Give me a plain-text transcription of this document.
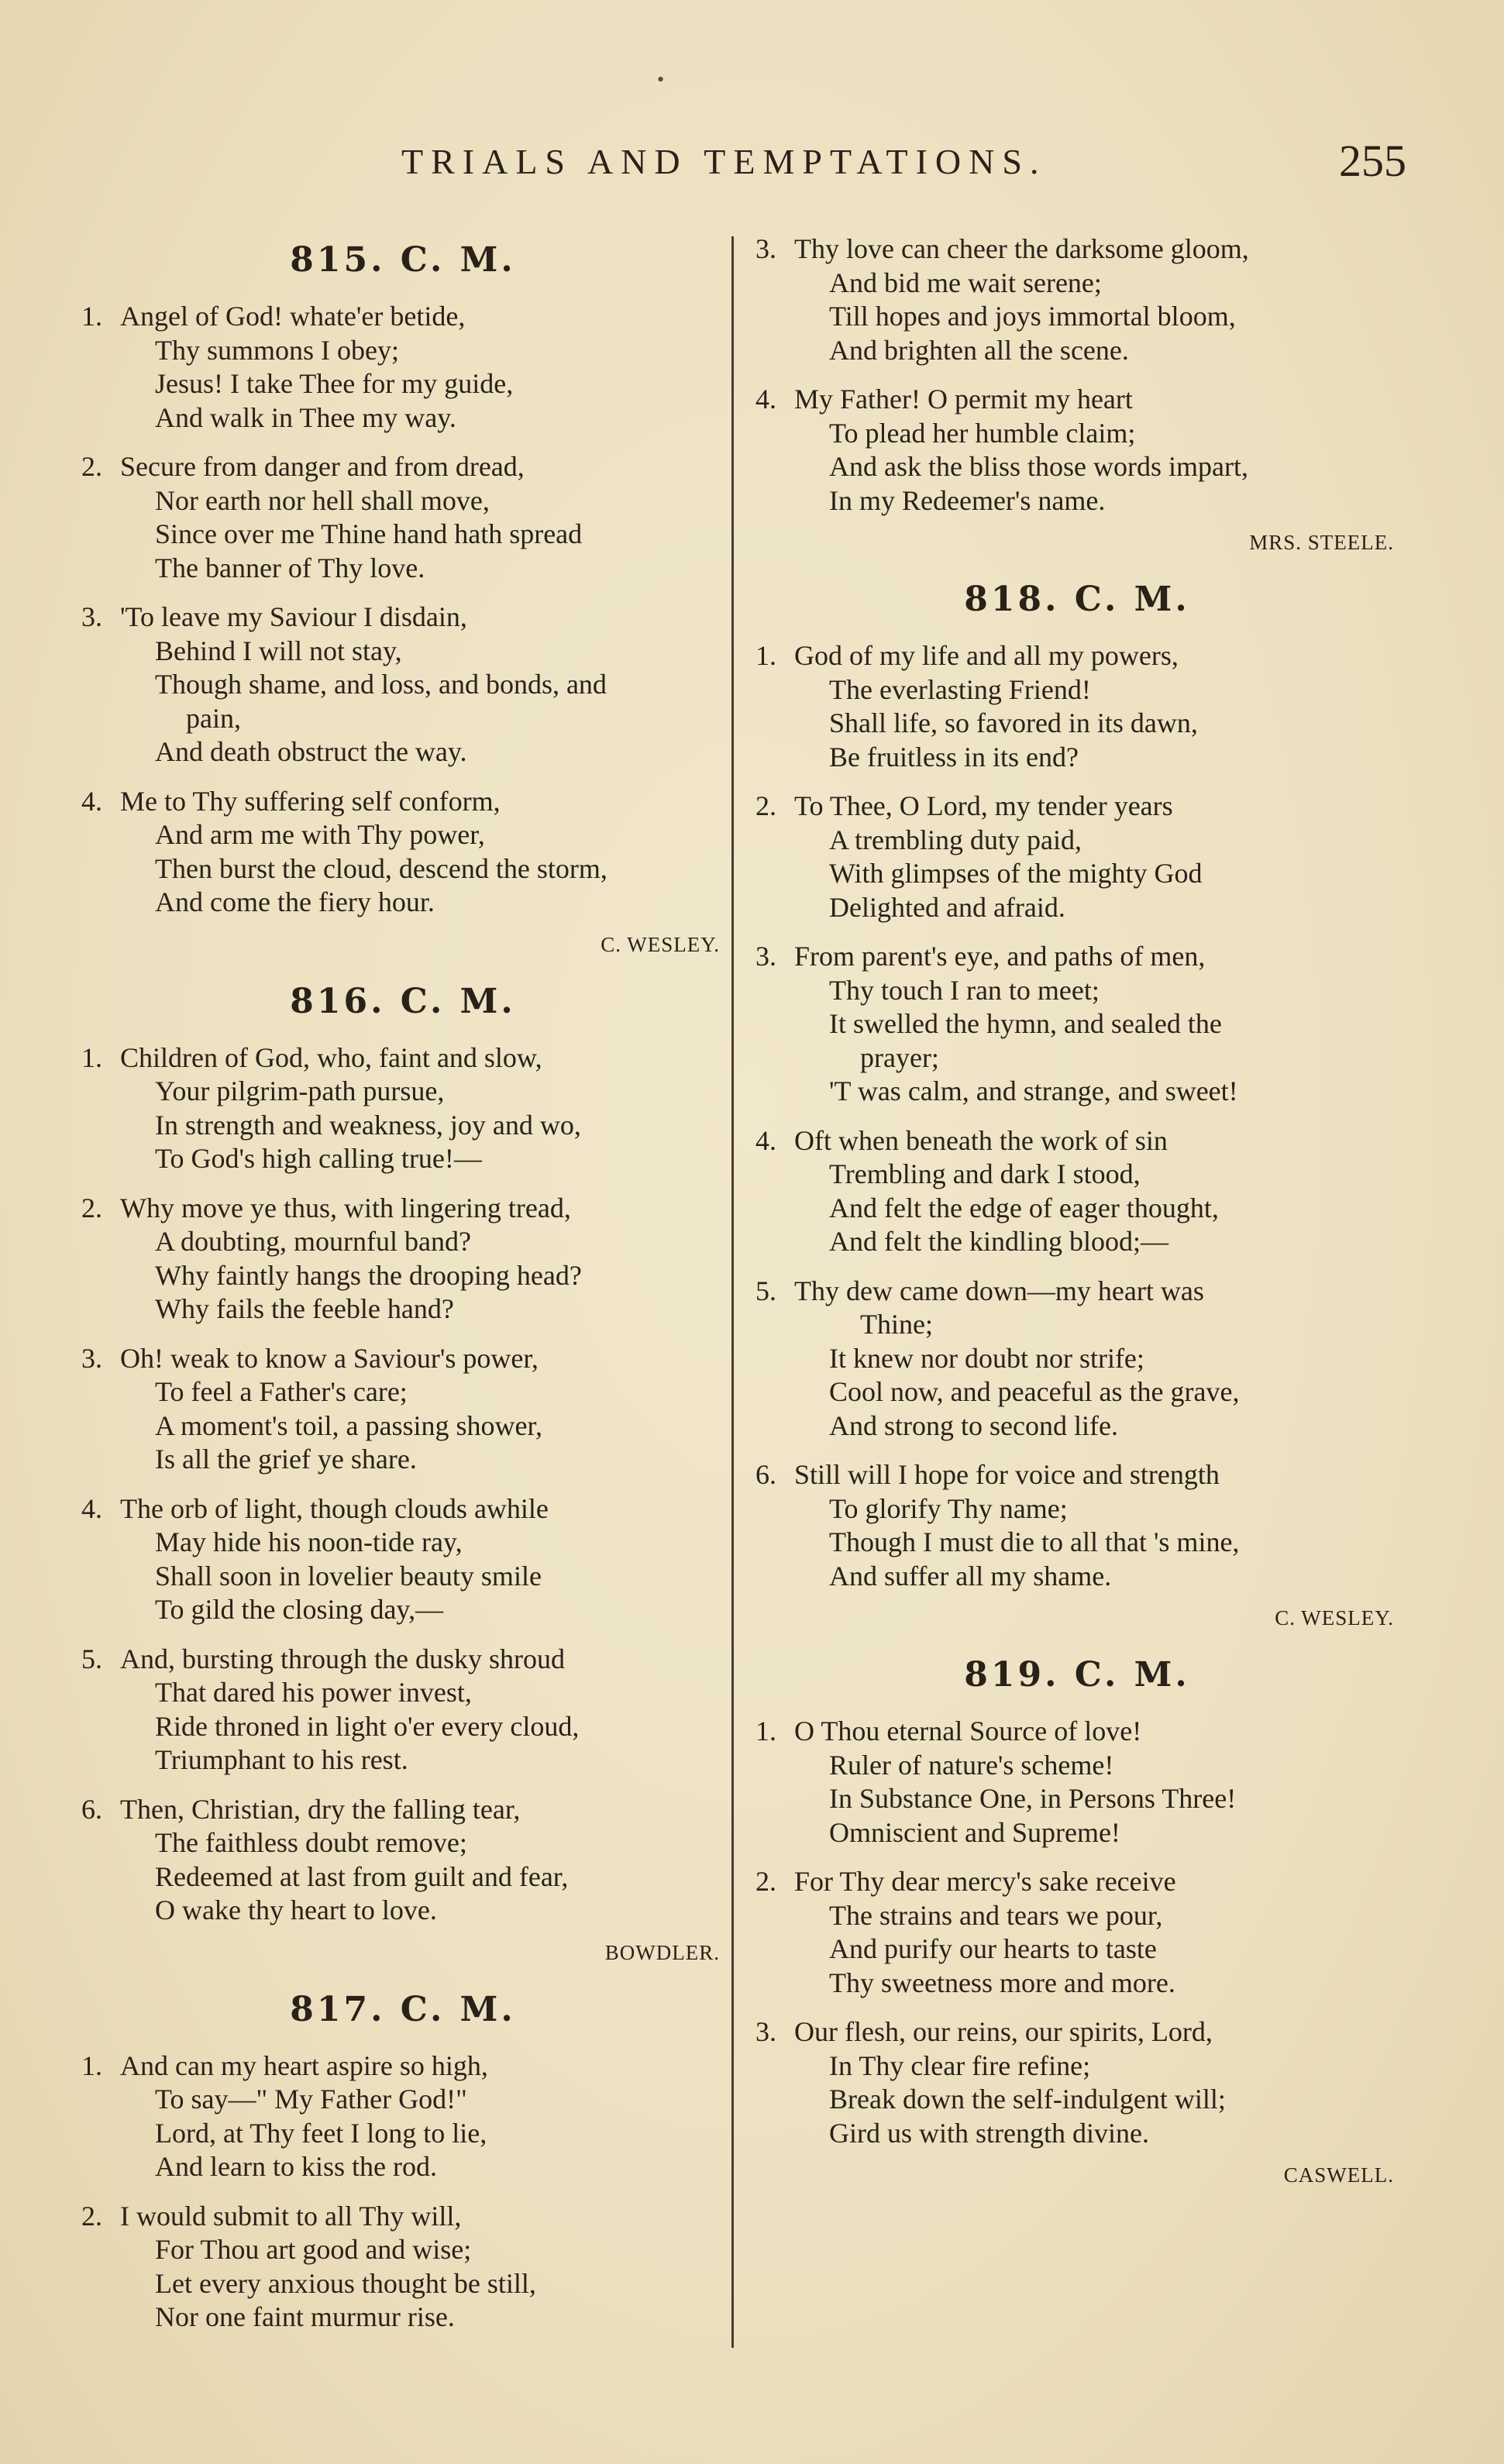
•
TRIALS AND TEMPTATIONS.	255
815. C. M.
1. Angel of God! whate'er betide,
Thy summons I obey;
Jesus! I take Thee for my guide,
And walk in Thee my way.
2. Secure from danger and from dread,
Nor earth nor hell shall move,
Since over me Thine hand hath spread
The banner of Thy love.
3. 'To leave my Saviour I disdain,
Behind I will not stay,
Though shame, and loss, and bonds, and
pain,
And death obstruct the way.
4. Me to Thy suffering self conform,
And arm me with Thy power,
Then burst the cloud, descend the storm,
And come the fiery hour.
C. WESLEY.
816. C. M.
1. Children of God, who, faint and slow,
Your pilgrim-path pursue,
In strength and weakness, joy and wo,
To God's high calling true!—
2. Why move ye thus, with lingering tread,
A doubting, mournful band?
Why faintly hangs the drooping head?
Why fails the feeble hand?
3. Oh! weak to know a Saviour's power,
To feel a Father's care;
A moment's toil, a passing shower,
Is all the grief ye share.
4. The orb of light, though clouds awhile
May hide his noon-tide ray,
Shall soon in lovelier beauty smile
To gild the closing day,—
5. And, bursting through the dusky shroud
That dared his power invest,
Ride throned in light o'er every cloud,
Triumphant to his rest.
6. Then, Christian, dry the falling tear,
The faithless doubt remove;
Redeemed at last from guilt and fear,
O wake thy heart to love.
BOWDLER.
817. C. M.
1. And can my heart aspire so high,
To say—" My Father God!"
Lord, at Thy feet I long to lie,
And learn to kiss the rod.
2. I would submit to all Thy will,
For Thou art good and wise;
Let every anxious thought be still,
Nor one faint murmur rise.
3. Thy love can cheer the darksome gloom,
And bid me wait serene;
Till hopes and joys immortal bloom,
And brighten all the scene.
4. My Father! O permit my heart
To plead her humble claim;
And ask the bliss those words impart,
In my Redeemer's name.
MRS. STEELE.
818. C. M.
1. God of my life and all my powers,
The everlasting Friend!
Shall life, so favored in its dawn,
Be fruitless in its end?
2. To Thee, O Lord, my tender years
A trembling duty paid,
With glimpses of the mighty God
Delighted and afraid.
3. From parent's eye, and paths of men,
Thy touch I ran to meet;
It swelled the hymn, and sealed the
prayer;
'T was calm, and strange, and sweet!
4. Oft when beneath the work of sin
Trembling and dark I stood,
And felt the edge of eager thought,
And felt the kindling blood;—
5. Thy dew came down—my heart was
Thine;
It knew nor doubt nor strife;
Cool now, and peaceful as the grave,
And strong to second life.
6. Still will I hope for voice and strength
To glorify Thy name;
Though I must die to all that 's mine,
And suffer all my shame.
C. WESLEY.
819. C. M.
1. O Thou eternal Source of love!
Ruler of nature's scheme!
In Substance One, in Persons Three!
Omniscient and Supreme!
2. For Thy dear mercy's sake receive
The strains and tears we pour,
And purify our hearts to taste
Thy sweetness more and more.
3. Our flesh, our reins, our spirits, Lord,
In Thy clear fire refine;
Break down the self-indulgent will;
Gird us with strength divine.
CASWELL.
